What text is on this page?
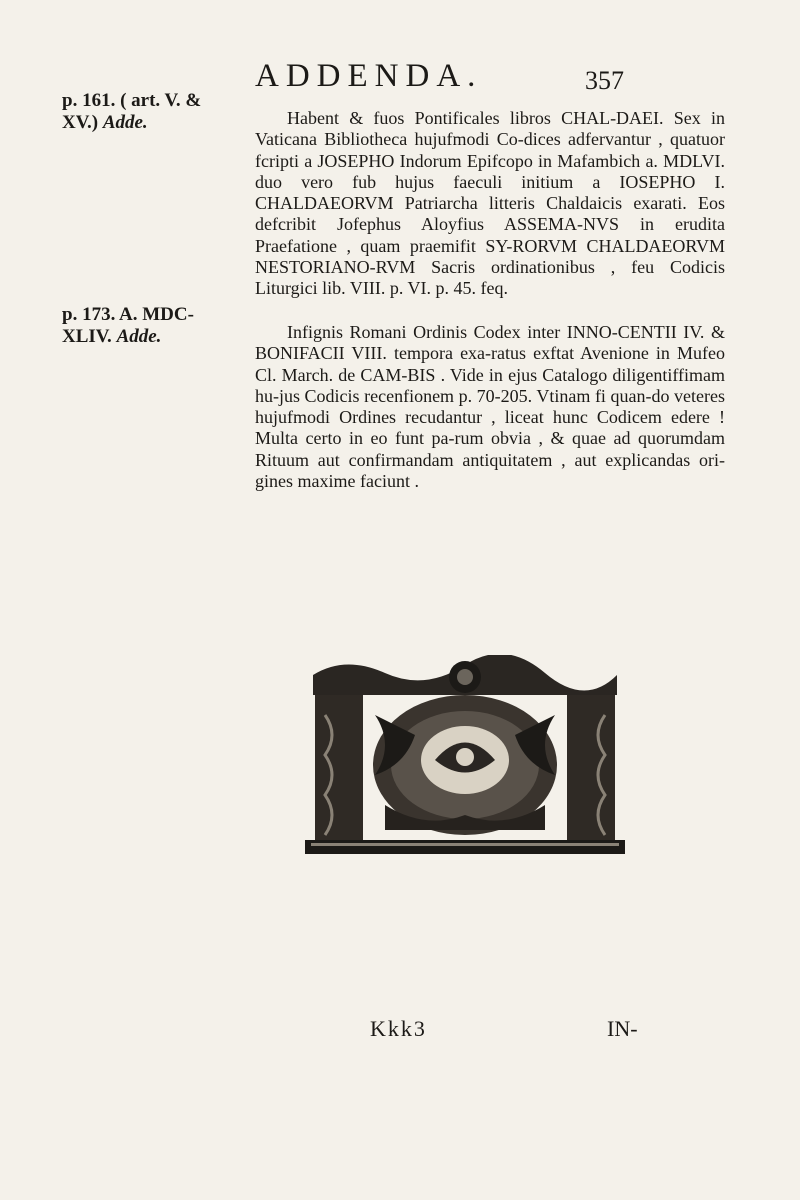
ADDENDA.	357
p. 161. ( art. V. &
XV.) Adde.
p. 173. A. MDC-
XLIV. Adde.

Habent & fuos Pontificales libros CHAL-DAEI. Sex in Vaticana Bibliotheca hujufmodi Co-dices adfervantur , quatuor fcripti a JOSEPHO Indorum Epifcopo in Mafambich a. MDLVI. duo vero fub hujus faeculi initium a IOSEPHO I. CHALDAEORVM Patriarcha litteris Chaldaicis exarati. Eos defcribit Jofephus Aloyfius ASSEMA-NVS in erudita Praefatione , quam praemifit SY-RORVM CHALDAEORVM NESTORIANO-RVM Sacris ordinationibus , feu Codicis Liturgici lib. VIII. p. VI. p. 45. feq.

Infignis Romani Ordinis Codex inter INNO-CENTII IV. & BONIFACII VIII. tempora exa-ratus exftat Avenione in Mufeo Cl. March. de CAM-BIS . Vide in ejus Catalogo diligentiffimam hu-jus Codicis recenfionem p. 70-205. Vtinam fi quan-do veteres hujufmodi Ordines recudantur , liceat hunc Codicem edere ! Multa certo in eo funt pa-rum obvia , & quae ad quorumdam Rituum aut confirmandam antiquitatem , aut explicandas ori-gines maxime faciunt .

Kkk3	IN-
